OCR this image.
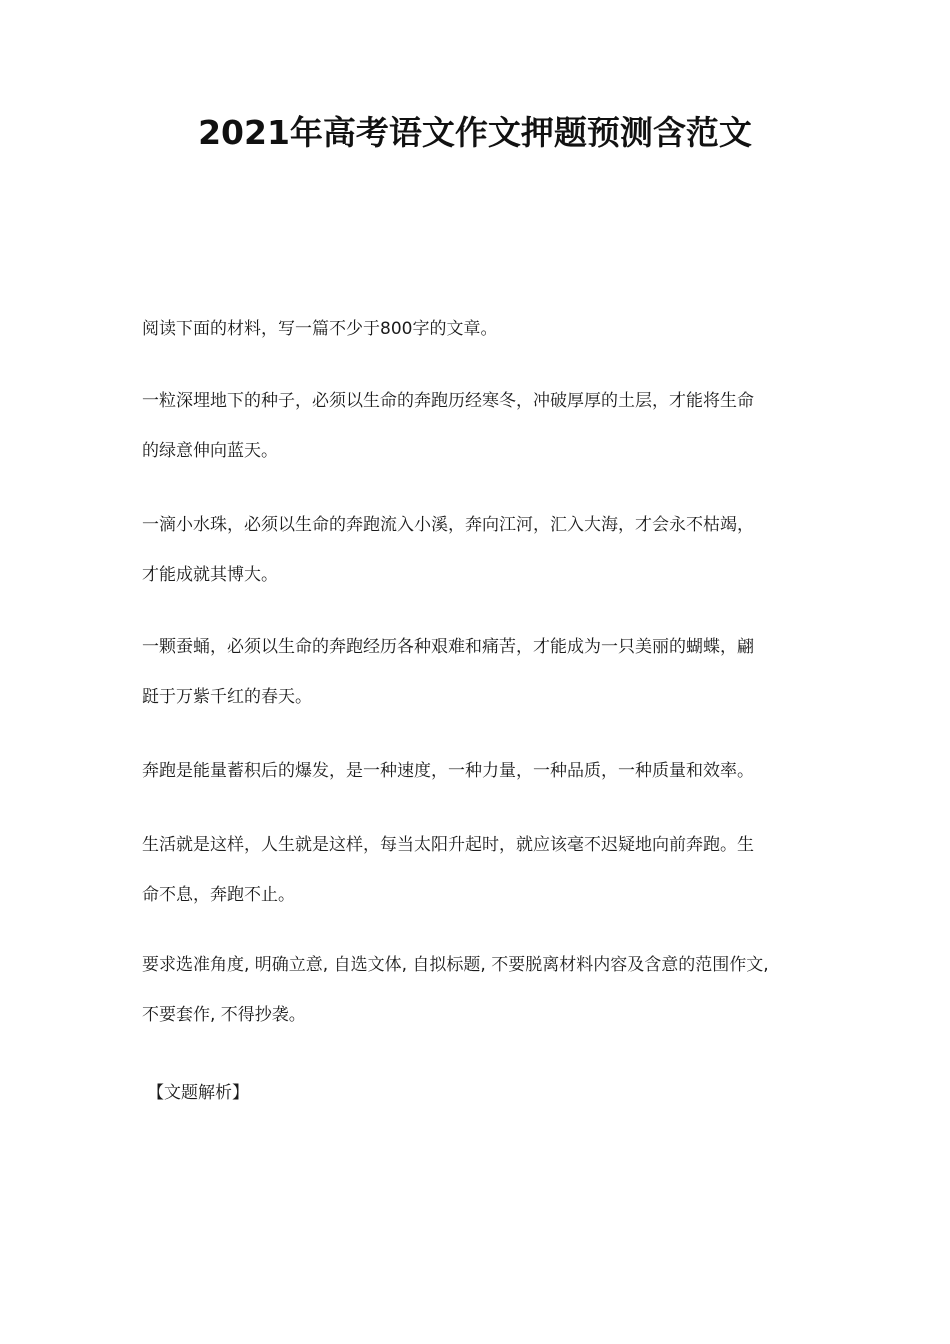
2021年高考语文作文押题预测含范文

阅读下面的材料，写一篇不少于800字的文章。

一粒深埋地下的种子，必须以生命的奔跑历经寒冬，冲破厚厚的土层，才能将生命
的绿意伸向蓝天。

一滴小水珠，必须以生命的奔跑流入小溪，奔向江河，汇入大海，才会永不枯竭，
才能成就其博大。

一颗蚕蛹，必须以生命的奔跑经历各种艰难和痛苦，才能成为一只美丽的蝴蝶，翩
跹于万紫千红的春天。

奔跑是能量蓄积后的爆发，是一种速度，一种力量，一种品质，一种质量和效率。

生活就是这样，人生就是这样，每当太阳升起时，就应该毫不迟疑地向前奔跑。生
命不息，奔跑不止。

要求选准角度, 明确立意, 自选文体, 自拟标题, 不要脱离材料内容及含意的范围作文,
不要套作, 不得抄袭。

【文题解析】
